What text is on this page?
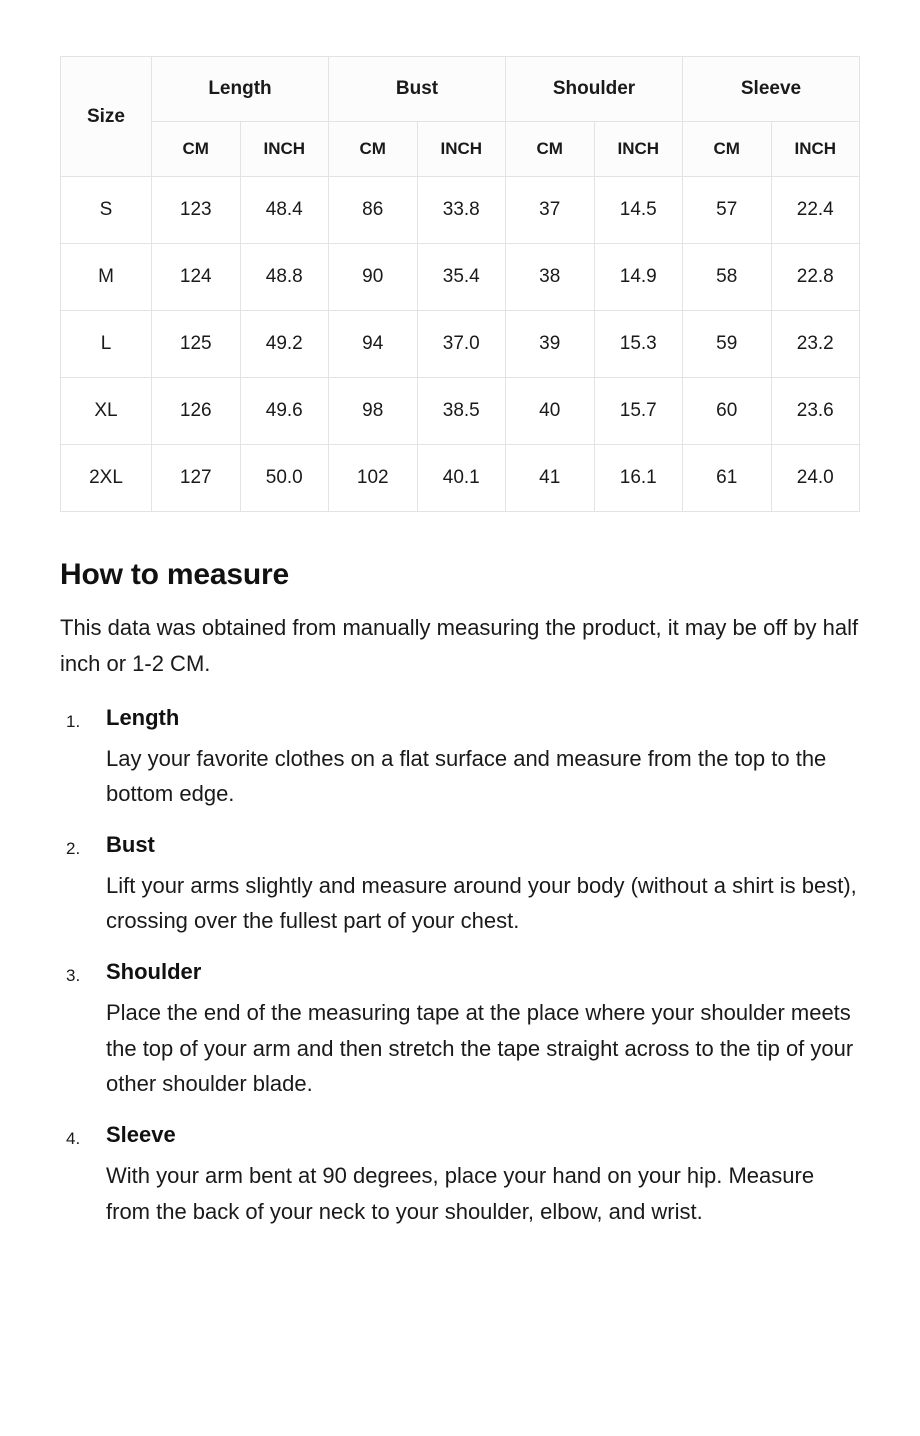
Size	Length		Bust		Shoulder		Sleeve	
	CM	INCH	CM	INCH	CM	INCH	CM	INCH
S	123	48.4	86	33.8	37	14.5	57	22.4
M	124	48.8	90	35.4	38	14.9	58	22.8
L	125	49.2	94	37.0	39	15.3	59	23.2
XL	126	49.6	98	38.5	40	15.7	60	23.6
2XL	127	50.0	102	40.1	41	16.1	61	24.0
How to measure

This data was obtained from manually measuring the product, it may be off by half inch or 1-2 CM.

Length
Lay your favorite clothes on a flat surface and measure from the top to the bottom edge.
Bust
Lift your arms slightly and measure around your body (without a shirt is best), crossing over the fullest part of your chest.
Shoulder
Place the end of the measuring tape at the place where your shoulder meets the top of your arm and then stretch the tape straight across to the tip of your other shoulder blade.
Sleeve
With your arm bent at 90 degrees, place your hand on your hip. Measure from the back of your neck to your shoulder, elbow, and wrist.
